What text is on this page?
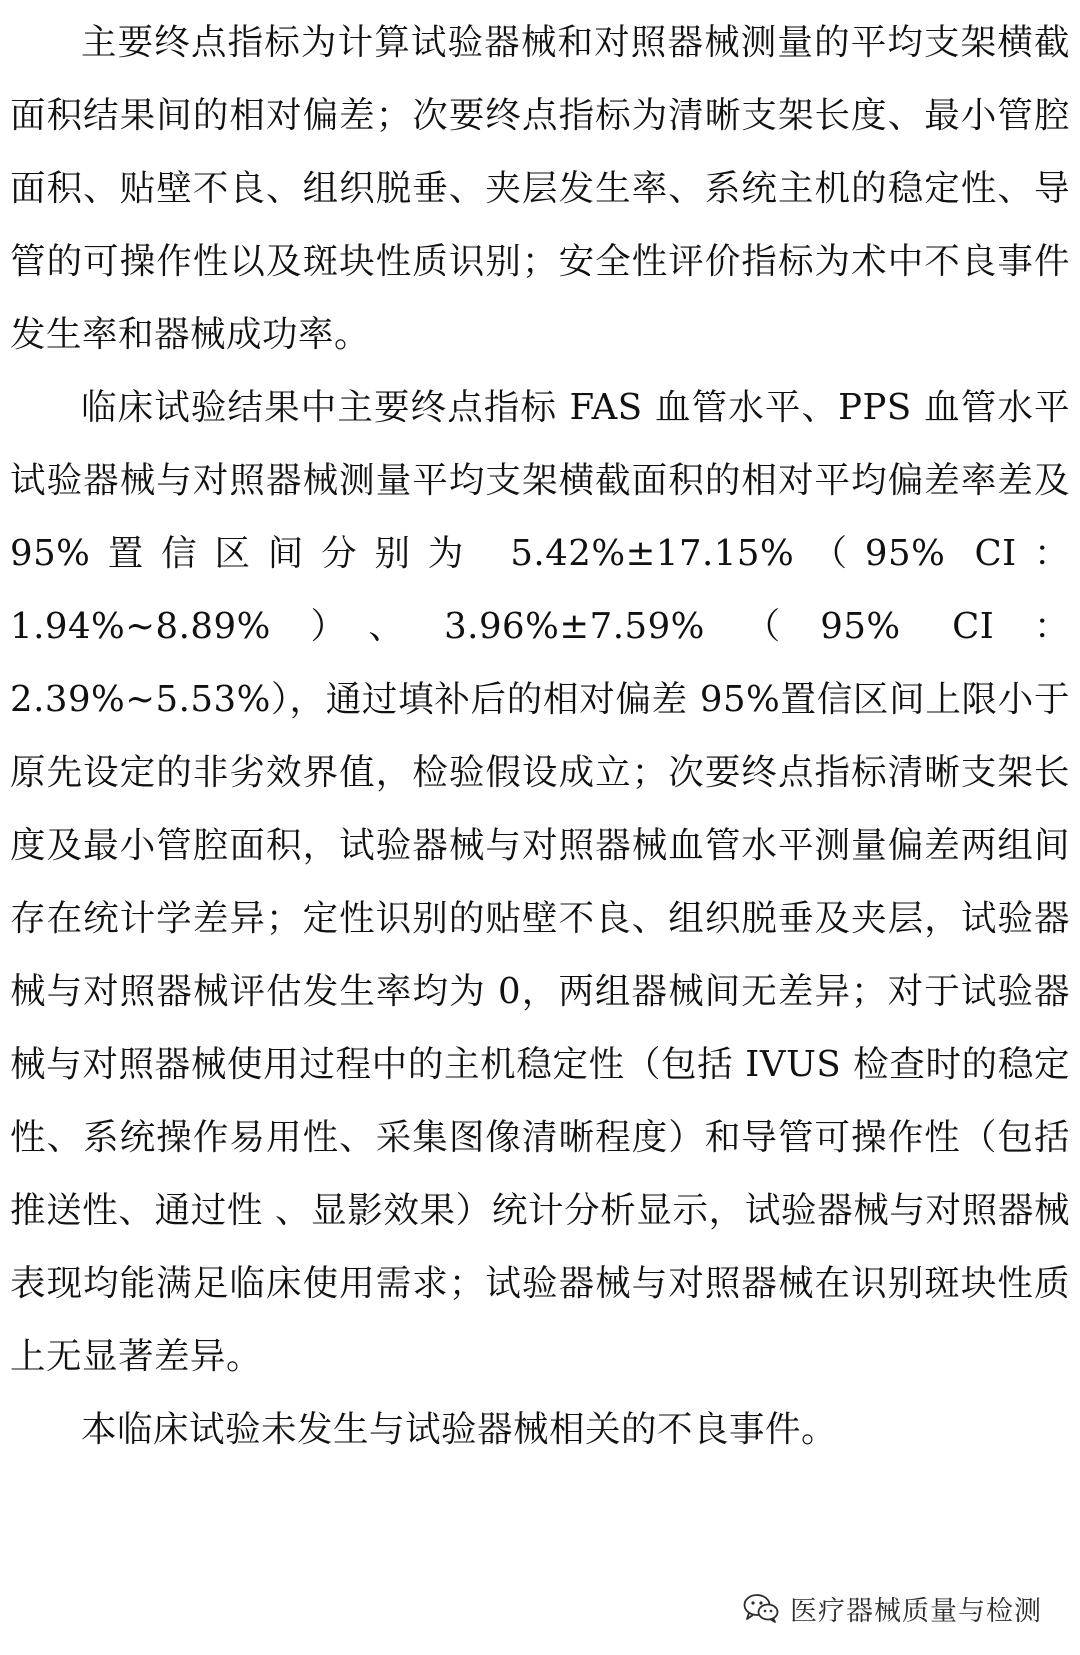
主要终点指标为计算试验器械和对照器械测量的平均支架横截面积结果间的相对偏差；次要终点指标为清晰支架长度、最小管腔面积、贴壁不良、组织脱垂、夹层发生率、系统主机的稳定性、导管的可操作性以及斑块性质识别；安全性评价指标为术中不良事件发生率和器械成功率。

临床试验结果中主要终点指标 FAS 血管水平、PPS 血管水平试验器械与对照器械测量平均支架横截面积的相对平均偏差率差及 95%置信区间分别为 5.42%±17.15%（95% CI：1.94%~8.89%）、3.96%±7.59%（95% CI：2.39%~5.53%），通过填补后的相对偏差 95%置信区间上限小于原先设定的非劣效界值，检验假设成立；次要终点指标清晰支架长度及最小管腔面积，试验器械与对照器械血管水平测量偏差两组间存在统计学差异；定性识别的贴壁不良、组织脱垂及夹层，试验器械与对照器械评估发生率均为 0，两组器械间无差异；对于试验器械与对照器械使用过程中的主机稳定性（包括 IVUS 检查时的稳定性、系统操作易用性、采集图像清晰程度）和导管可操作性（包括推送性、通过性 、显影效果）统计分析显示，试验器械与对照器械表现均能满足临床使用需求；试验器械与对照器械在识别斑块性质上无显著差异。

本临床试验未发生与试验器械相关的不良事件。

医疗器械质量与检测
